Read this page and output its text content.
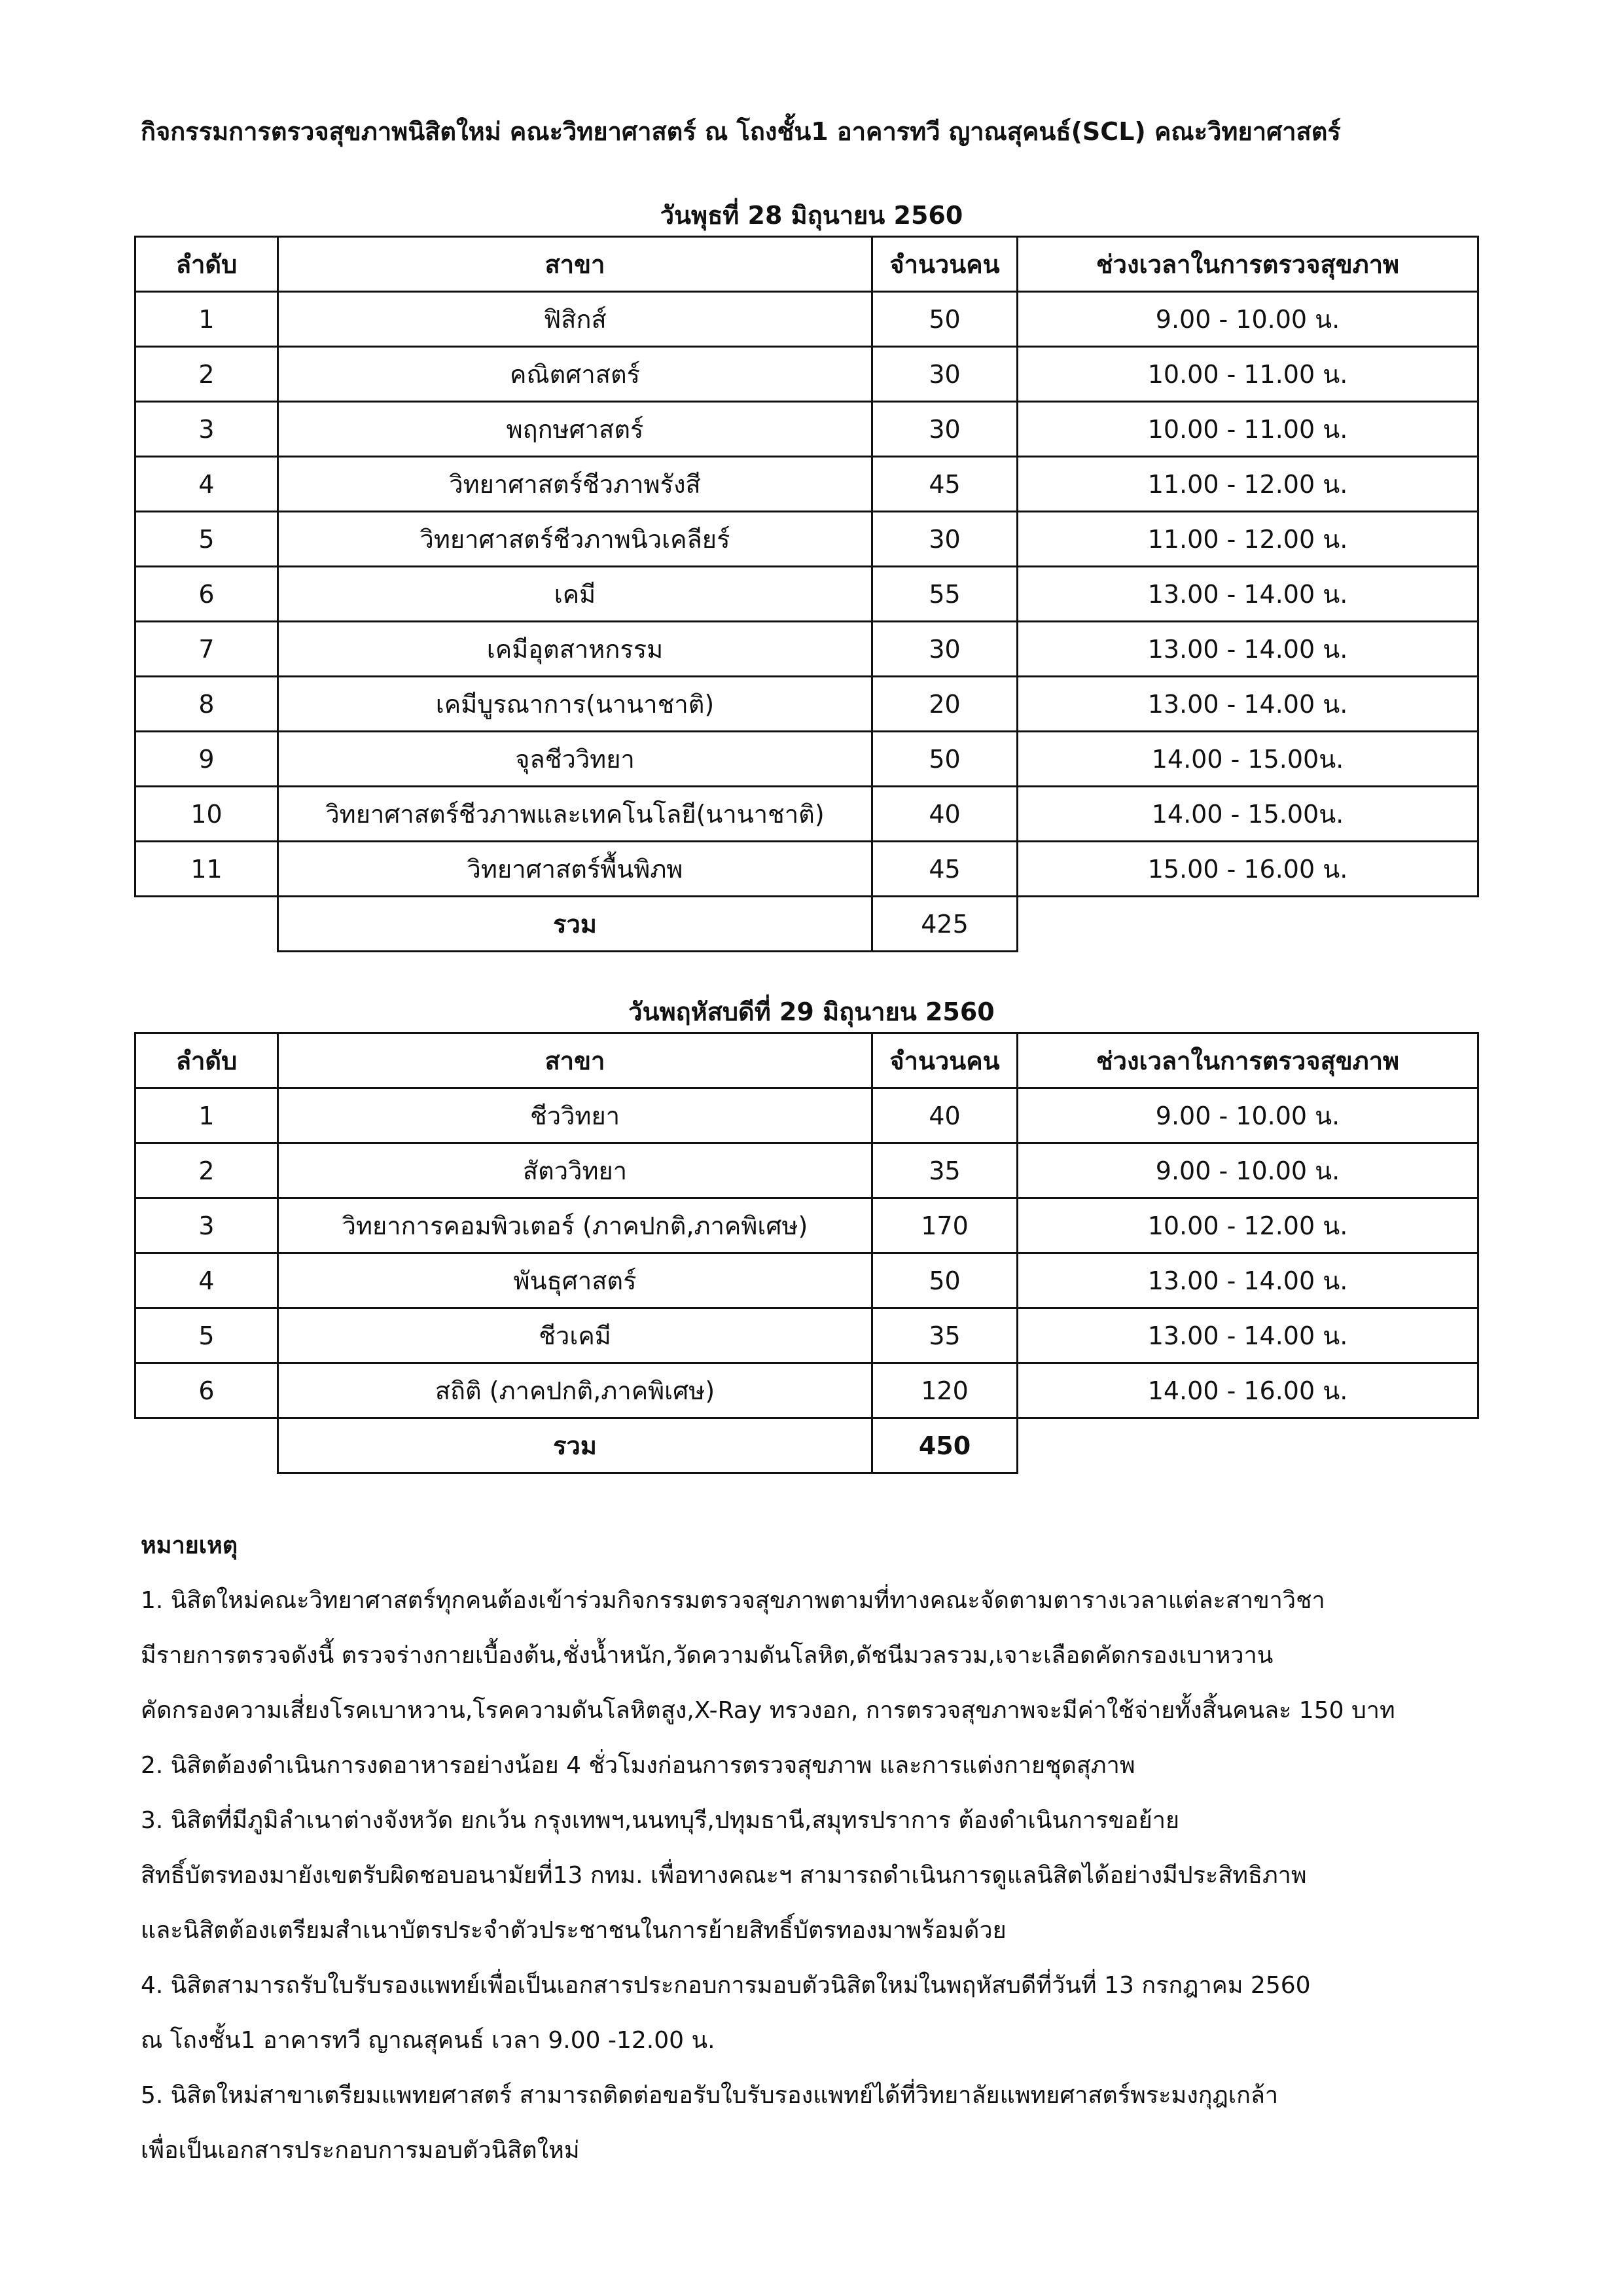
กิจกรรมการตรวจสุขภาพนิสิตใหม่ คณะวิทยาศาสตร์ ณ โถงชั้น1 อาคารทวี ญาณสุคนธ์(SCL) คณะวิทยาศาสตร์
วันพุธที่ 28 มิถุนายน 2560
ลำดับ	สาขา	จำนวนคน	ช่วงเวลาในการตรวจสุขภาพ
1	ฟิสิกส์	50	9.00 - 10.00 น.
2	คณิตศาสตร์	30	10.00 - 11.00 น.
3	พฤกษศาสตร์	30	10.00 - 11.00 น.
4	วิทยาศาสตร์ชีวภาพรังสี	45	11.00 - 12.00 น.
5	วิทยาศาสตร์ชีวภาพนิวเคลียร์	30	11.00 - 12.00 น.
6	เคมี	55	13.00 - 14.00 น.
7	เคมีอุตสาหกรรม	30	13.00 - 14.00 น.
8	เคมีบูรณาการ(นานาชาติ)	20	13.00 - 14.00 น.
9	จุลชีววิทยา	50	14.00 - 15.00น.
10	วิทยาศาสตร์ชีวภาพและเทคโนโลยี(นานาชาติ)	40	14.00 - 15.00น.
11	วิทยาศาสตร์พื้นพิภพ	45	15.00 - 16.00 น.
	รวม	425	
วันพฤหัสบดีที่ 29 มิถุนายน 2560
ลำดับ	สาขา	จำนวนคน	ช่วงเวลาในการตรวจสุขภาพ
1	ชีววิทยา	40	9.00 - 10.00 น.
2	สัตววิทยา	35	9.00 - 10.00 น.
3	วิทยาการคอมพิวเตอร์ (ภาคปกติ,ภาคพิเศษ)	170	10.00 - 12.00 น.
4	พันธุศาสตร์	50	13.00 - 14.00 น.
5	ชีวเคมี	35	13.00 - 14.00 น.
6	สถิติ (ภาคปกติ,ภาคพิเศษ)	120	14.00 - 16.00 น.
	รวม	450	
หมายเหตุ
1. นิสิตใหม่คณะวิทยาศาสตร์ทุกคนต้องเข้าร่วมกิจกรรมตรวจสุขภาพตามที่ทางคณะจัดตามตารางเวลาแต่ละสาขาวิชา
มีรายการตรวจดังนี้ ตรวจร่างกายเบื้องต้น,ชั่งน้ำหนัก,วัดความดันโลหิต,ดัชนีมวลรวม,เจาะเลือดคัดกรองเบาหวาน
คัดกรองความเสี่ยงโรคเบาหวาน,โรคความดันโลหิตสูง,X-Ray ทรวงอก, การตรวจสุขภาพจะมีค่าใช้จ่ายทั้งสิ้นคนละ 150 บาท
2. นิสิตต้องดำเนินการงดอาหารอย่างน้อย 4 ชั่วโมงก่อนการตรวจสุขภาพ และการแต่งกายชุดสุภาพ
3. นิสิตที่มีภูมิลำเนาต่างจังหวัด ยกเว้น กรุงเทพฯ,นนทบุรี,ปทุมธานี,สมุทรปราการ ต้องดำเนินการขอย้าย
สิทธิ์บัตรทองมายังเขตรับผิดชอบอนามัยที่13 กทม. เพื่อทางคณะฯ สามารถดำเนินการดูแลนิสิตได้อย่างมีประสิทธิภาพ
และนิสิตต้องเตรียมสำเนาบัตรประจำตัวประชาชนในการย้ายสิทธิ์บัตรทองมาพร้อมด้วย
4. นิสิตสามารถรับใบรับรองแพทย์เพื่อเป็นเอกสารประกอบการมอบตัวนิสิตใหม่ในพฤหัสบดีที่วันที่ 13 กรกฎาคม 2560
ณ โถงชั้น1 อาคารทวี ญาณสุคนธ์ เวลา 9.00 -12.00 น.
5. นิสิตใหม่สาขาเตรียมแพทยศาสตร์ สามารถติดต่อขอรับใบรับรองแพทย์ได้ที่วิทยาลัยแพทยศาสตร์พระมงกุฎเกล้า
เพื่อเป็นเอกสารประกอบการมอบตัวนิสิตใหม่
